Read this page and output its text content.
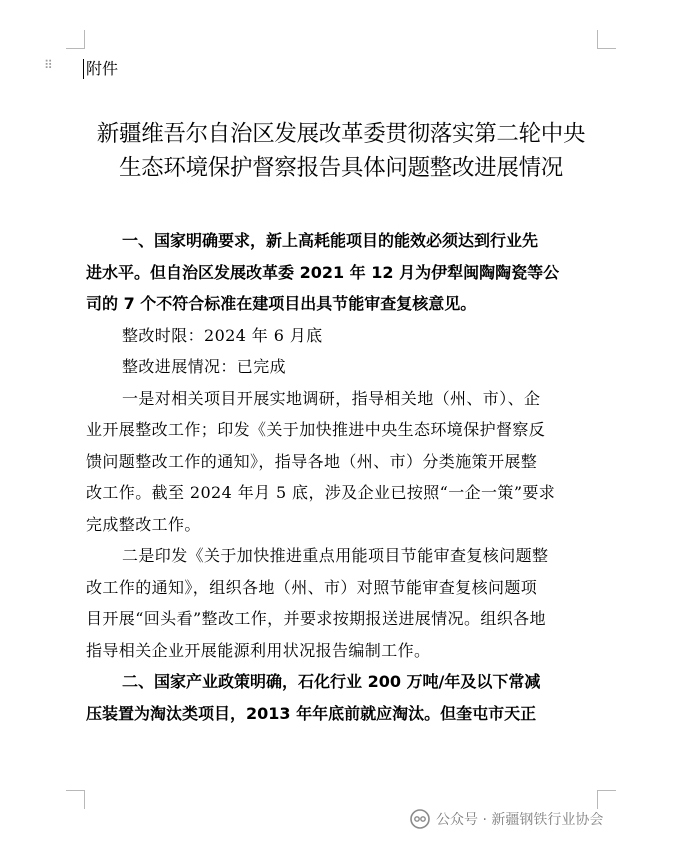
⠿ 附件
新疆维吾尔自治区发展改革委贯彻落实第二轮中央
生态环境保护督察报告具体问题整改进展情况

一、国家明确要求，新上高耗能项目的能效必须达到行业先
进水平。但自治区发展改革委 2021 年 12 月为伊犁闽陶陶瓷等公
司的 7 个不符合标准在建项目出具节能审查复核意见。

整改时限：2024 年 6 月底

整改进展情况：已完成

一是对相关项目开展实地调研，指导相关地（州、市）、企
业开展整改工作；印发《关于加快推进中央生态环境保护督察反
馈问题整改工作的通知》，指导各地（州、市）分类施策开展整
改工作。截至 2024 年月 5 底，涉及企业已按照“一企一策”要求
完成整改工作。

二是印发《关于加快推进重点用能项目节能审查复核问题整
改工作的通知》，组织各地（州、市）对照节能审查复核问题项
目开展“回头看”整改工作，并要求按期报送进展情况。组织各地
指导相关企业开展能源利用状况报告编制工作。

二、国家产业政策明确，石化行业 200 万吨/年及以下常减
压装置为淘汰类项目，2013 年年底前就应淘汰。但奎屯市天正

公众号 · 新疆钢铁行业协会
